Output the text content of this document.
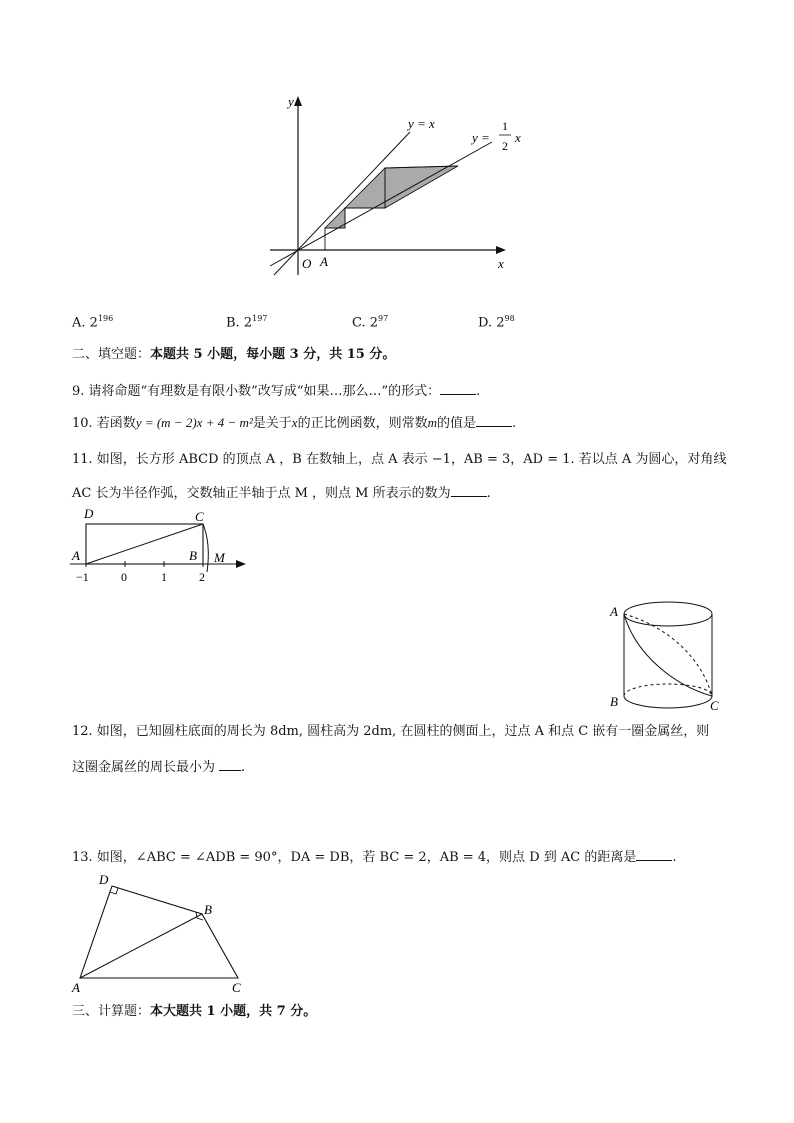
y
x
O A
y = x
y =
1
2
x
A. $2^{196}$	B. $2^{197}$	C. $2^{97}$	D. $2^{98}$
二、填空题：本题共 5 小题，每小题 3 分，共 15 分。
9. 请将命题“有理数是有限小数”改写成“如果…那么…”的形式：	.
10. 若函数y = (m − 2)x + 4 − m²是关于x的正比例函数，则常数m的值是	.
11. 如图，长方形 ABCD 的顶点 A ，B 在数轴上，点 A 表示 −1，AB = 3，AD = 1. 若以点 A 为圆心，对角线
AC 长为半径作弧，交数轴正半轴于点 M ，则点 M 所表示的数为	.
D	C
A	B M
−1	0	1	2
A
B	C
12. 如图，已知圆柱底面的周长为 8dm, 圆柱高为 2dm, 在圆柱的侧面上，过点 A 和点 C 嵌有一圈金属丝，则
这圈金属丝的周长最小为 .
13. 如图，∠ABC = ∠ADB = 90°，DA = DB，若 BC = 2，AB = 4，则点 D 到 AC 的距离是	.
D
B
A	C
三、计算题：本大题共 1 小题，共 7 分。
